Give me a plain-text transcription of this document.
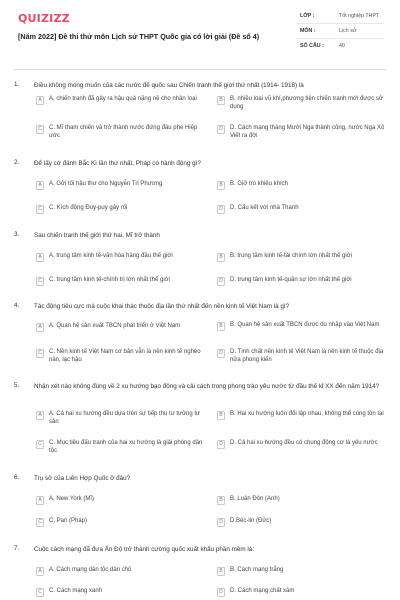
QUIZIZZ
[Năm 2022] Đề thi thử môn Lịch sử THPT Quốc gia có lời giải (Đề số 4)
LỚP :	Tốt nghiệp THPT
MÔN :	Lịch sử
SỐ CÂU :	40
1. Điều không mong muốn của các nước đế quốc sau Chiến tranh thế giới thứ nhất (1914- 1918) là
A	A. chiến tranh đã gây ra hậu quả nặng nề cho nhân loại	B	B. nhiều loại vũ khí,phương tiện chiến tranh mới được sử dụng
C	C. Mĩ tham chiến và trở thành nước đứng đầu phe Hiệp ước
D	D. Cách mạng tháng Mười Nga thành công, nước Nga Xô Viết ra đời
2. Để lấy cớ đánh Bắc Kì lần thứ nhất, Pháp có hành động gì?
A	A. Gởi tối hậu thư cho Nguyễn Tri Phương	B	B. Giở trò khiêu khích
C	C. Kích động Đuy-puy gây rối	D	D. Cấu kết với nhà Thanh
3. Sau chiến tranh thế giới thứ hai, Mĩ trở thành
A	A. trung tâm kinh tế-văn hóa hàng đầu thế giới	B	B. trung tâm kinh tế-tài chính lớn nhất thế giới
C	C. trung tâm kinh tế-chính trị lớn nhất thế giới	D	D. trung tâm kinh tế-quân sự lớn nhất thế giới
4. Tác động tiêu cực mà cuộc khai thác thuộc địa lần thứ nhất đến nền kinh tế Việt Nam là gì?
A	A. Quan hệ sản xuất TBCN phát triển ở Việt Nam	B	B. Quan hệ sản xuất TBCN được du nhập vào Việt Nam
C	C. Nền kinh tế Việt Nam cơ bản vẫn là nền kinh tế nghèo nàn, lạc hậu
D	D. Tình chất nền kinh tế Việt Nam là nền kinh tế thuộc địa nửa phong kiến
5. Nhận xét nào không đúng về 2 xu hướng bạo động và cải cách trong phong trào yêu nước từ đầu thế kỉ XX đến năm 1914?
A	A. Cả hai xu hướng đều dựa trên sự tiếp thu tư tưởng tư sản
B	B. Hai xu hướng luôn đối lập nhau, không thể cùng tồn tại
C	C. Mục tiêu đấu tranh của hai xu hướng là giải phóng dân tộc
D	D. Cả hai xu hướng đều có chung động cơ là yêu nước
6. Trụ sở của Liên Hợp Quốc ở đâu?
A	A. New York (Mĩ)	B	B. Luân Đôn (Anh)
C	C. Pari (Pháp)	D	D.Béc-lin (Đức)
7. Cuộc cách mạng đã đưa Ấn Độ trở thành cường quốc xuất khẩu phần mềm là:
A	A. Cách mạng dân tộc dân chủ	B	B. Cách mạng trắng
C	C. Cách mạng xanh	D	D. Cách mạng chất xám
